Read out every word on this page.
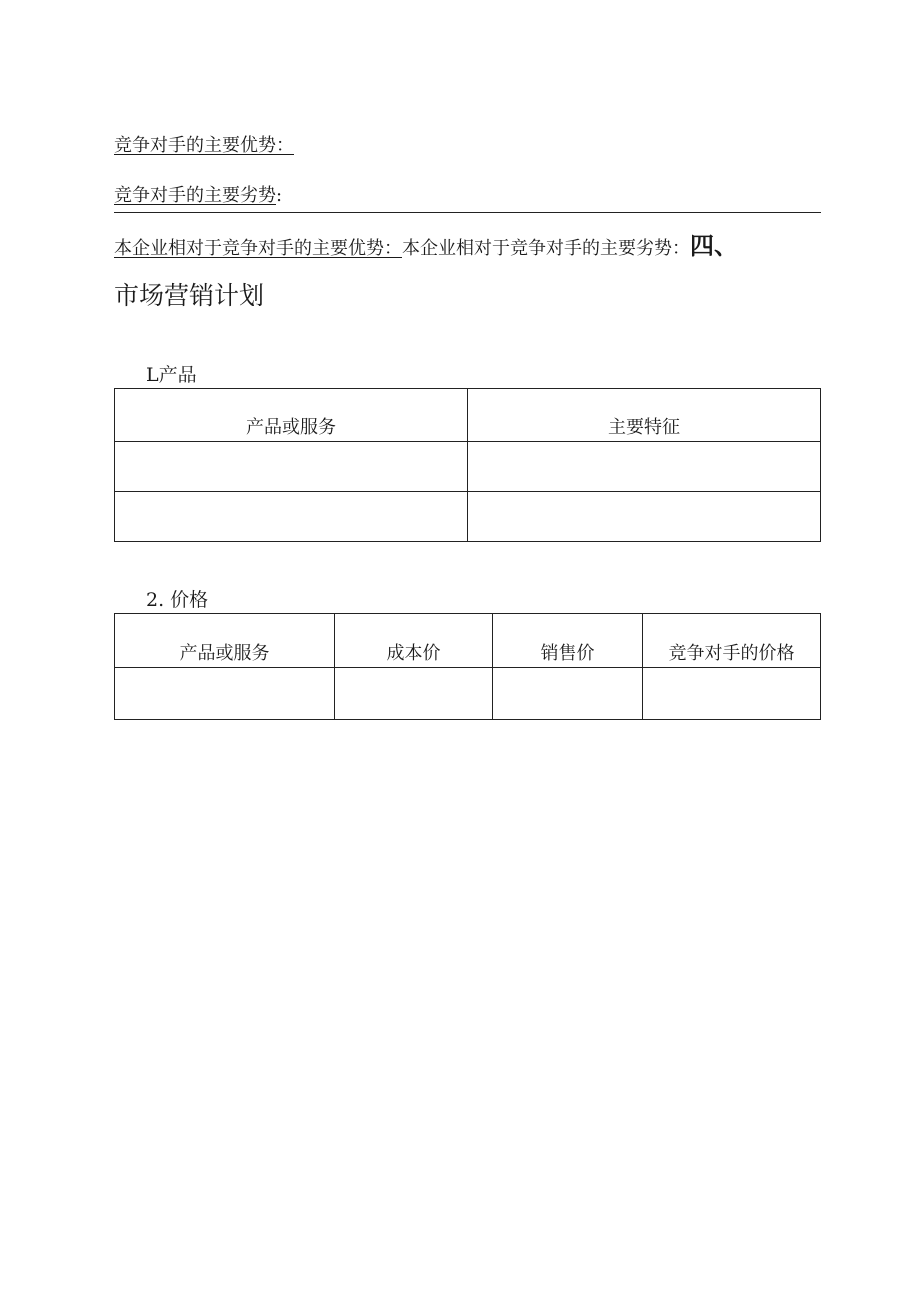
竞争对手的主要优势：
竞争对手的主要劣势:
本企业相对于竞争对手的主要优势：本企业相对于竞争对手的主要劣势：四、
市场营销计划
L产品
产品或服务	主要特征

2. 价格
产品或服务	成本价	销售价	竞争对手的价格
